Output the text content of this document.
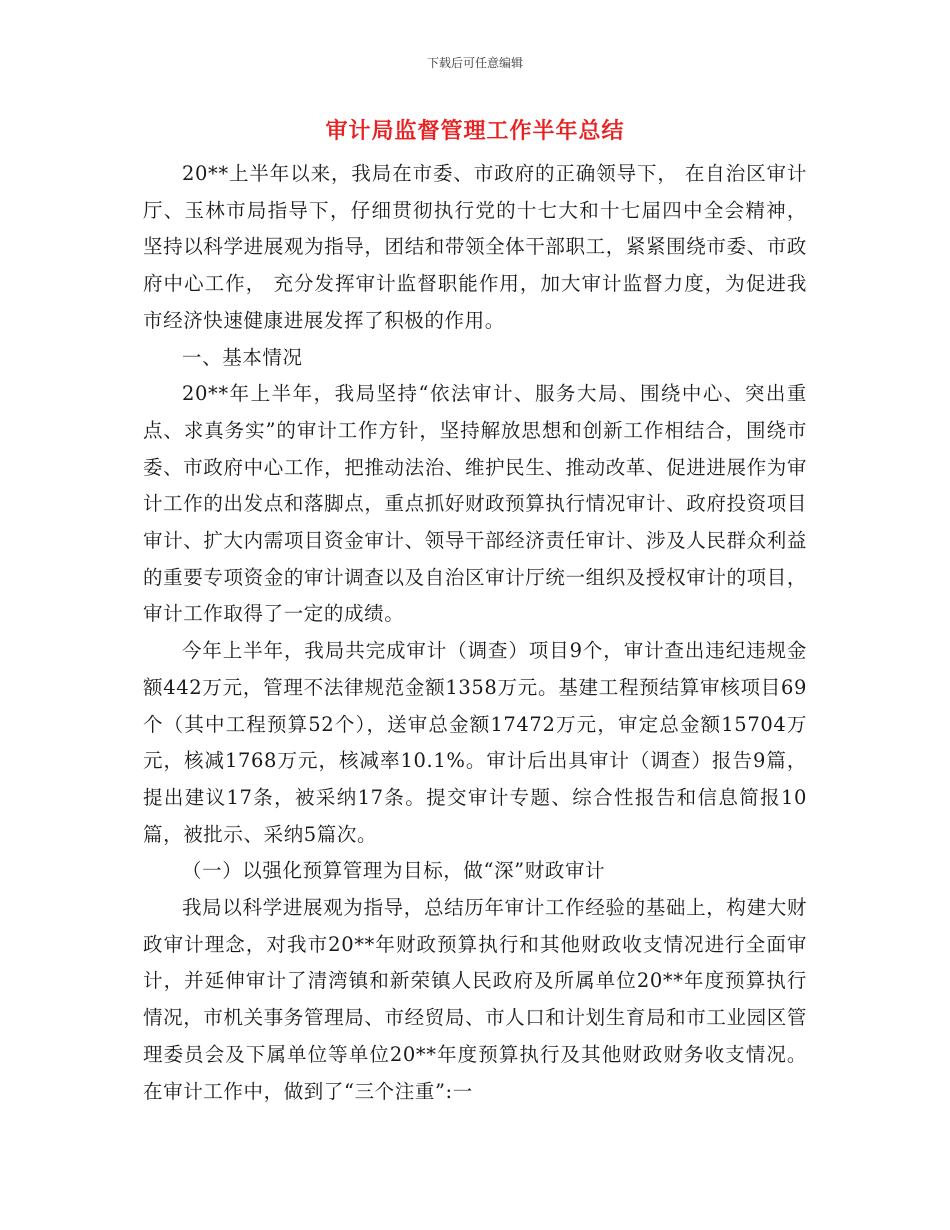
下载后可任意编辑
审计局监督管理工作半年总结

20**上半年以来，我局在市委、市政府的正确领导下， 在自治区审计厅、玉林市局指导下，仔细贯彻执行党的十七大和十七届四中全会精神， 坚持以科学进展观为指导，团结和带领全体干部职工，紧紧围绕市委、市政府中心工作， 充分发挥审计监督职能作用，加大审计监督力度，为促进我市经济快速健康进展发挥了积极的作用。

一、基本情况

20**年上半年，我局坚持“依法审计、服务大局、围绕中心、突出重点、求真务实”的审计工作方针，坚持解放思想和创新工作相结合，围绕市委、市政府中心工作，把推动法治、维护民生、推动改革、促进进展作为审计工作的出发点和落脚点，重点抓好财政预算执行情况审计、政府投资项目审计、扩大内需项目资金审计、领导干部经济责任审计、涉及人民群众利益的重要专项资金的审计调查以及自治区审计厅统一组织及授权审计的项目，审计工作取得了一定的成绩。

今年上半年，我局共完成审计（调查）项目9个，审计查出违纪违规金额442万元，管理不法律规范金额1358万元。基建工程预结算审核项目69个（其中工程预算52个），送审总金额17472万元，审定总金额15704万元，核减1768万元，核减率10.1%。审计后出具审计（调查）报告9篇，提出建议17条，被采纳17条。提交审计专题、综合性报告和信息简报10篇，被批示、采纳5篇次。

（一）以强化预算管理为目标，做“深”财政审计

我局以科学进展观为指导，总结历年审计工作经验的基础上，构建大财政审计理念，对我市20**年财政预算执行和其他财政收支情况进行全面审计，并延伸审计了清湾镇和新荣镇人民政府及所属单位20**年度预算执行情况，市机关事务管理局、市经贸局、市人口和计划生育局和市工业园区管理委员会及下属单位等单位20**年度预算执行及其他财政财务收支情况。在审计工作中，做到了“三个注重”:一
